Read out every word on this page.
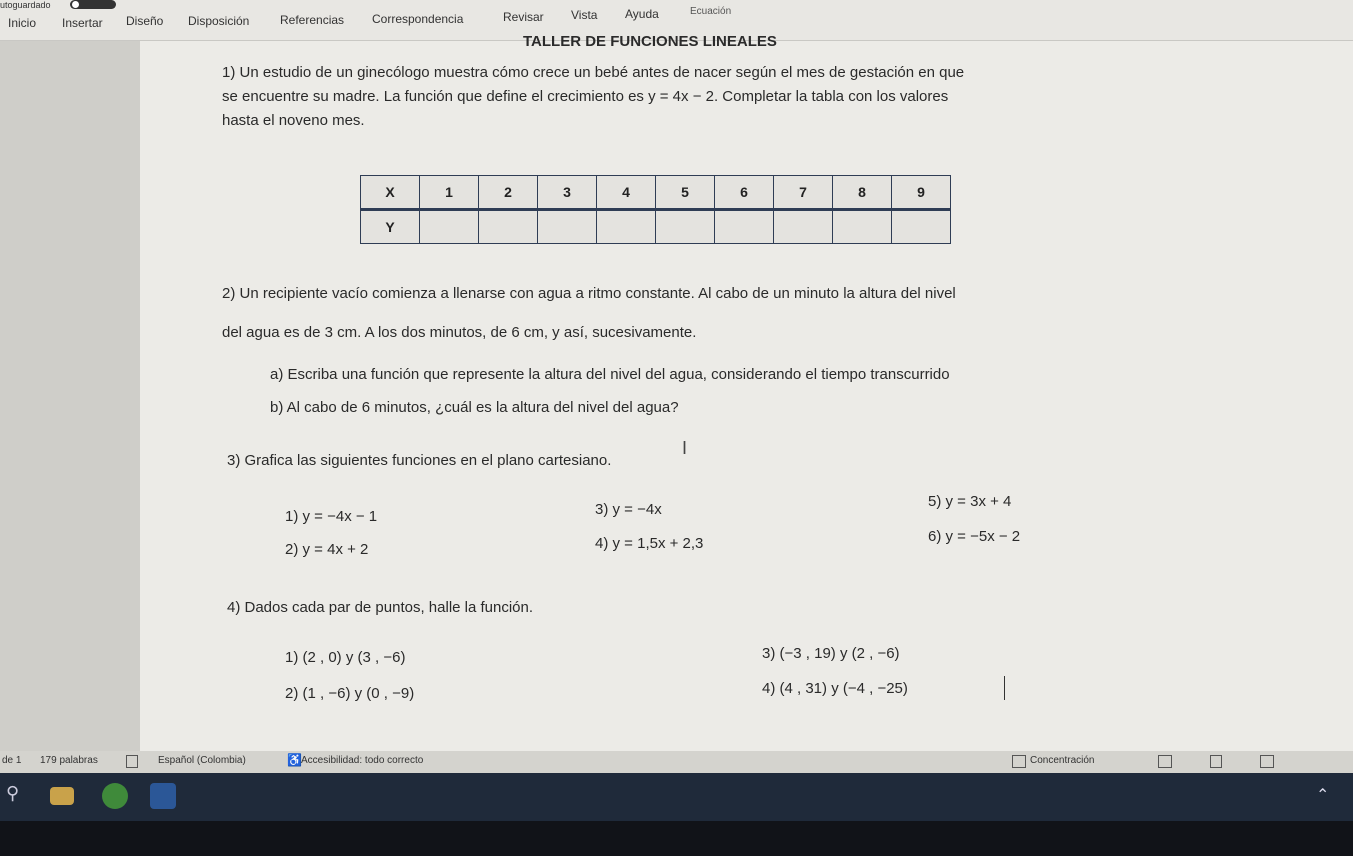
utoguardado
Inicio Insertar Diseño Disposición	Referencias Correspondencia	Revisar Vista Ayuda	Ecuación
TALLER DE FUNCIONES LINEALES
1) Un estudio de un ginecólogo muestra cómo crece un bebé antes de nacer según el mes de gestación en que
se encuentre su madre. La función que define el crecimiento es y = 4x − 2. Completar la tabla con los valores
hasta el noveno mes.
2) Un recipiente vacío comienza a llenarse con agua a ritmo constante. Al cabo de un minuto la altura del nivel
del agua es de 3 cm. A los dos minutos, de 6 cm, y así, sucesivamente.
a) Escriba una función que represente la altura del nivel del agua, considerando el tiempo transcurrido
b) Al cabo de 6 minutos, ¿cuál es la altura del nivel del agua?
3) Grafica las siguientes funciones en el plano cartesiano.
1) y = −4x − 1
2) y = 4x + 2
3) y = −4x
4) y = 1,5x + 2,3
5) y = 3x + 4
6) y = −5x − 2
4) Dados cada par de puntos, halle la función.
1) (2 , 0) y (3 , −6)
2) (1 , −6) y (0 , −9)
3) (−3 , 19) y (2 , −6)
4) (4 , 31) y (−4 , −25)
X	1	2	3	4	5	6	7	8	9
Y									
I
de 1 179 palabras	Español (Colombia)	♿ Accesibilidad: todo correcto	Concentración
⚲	⌃
